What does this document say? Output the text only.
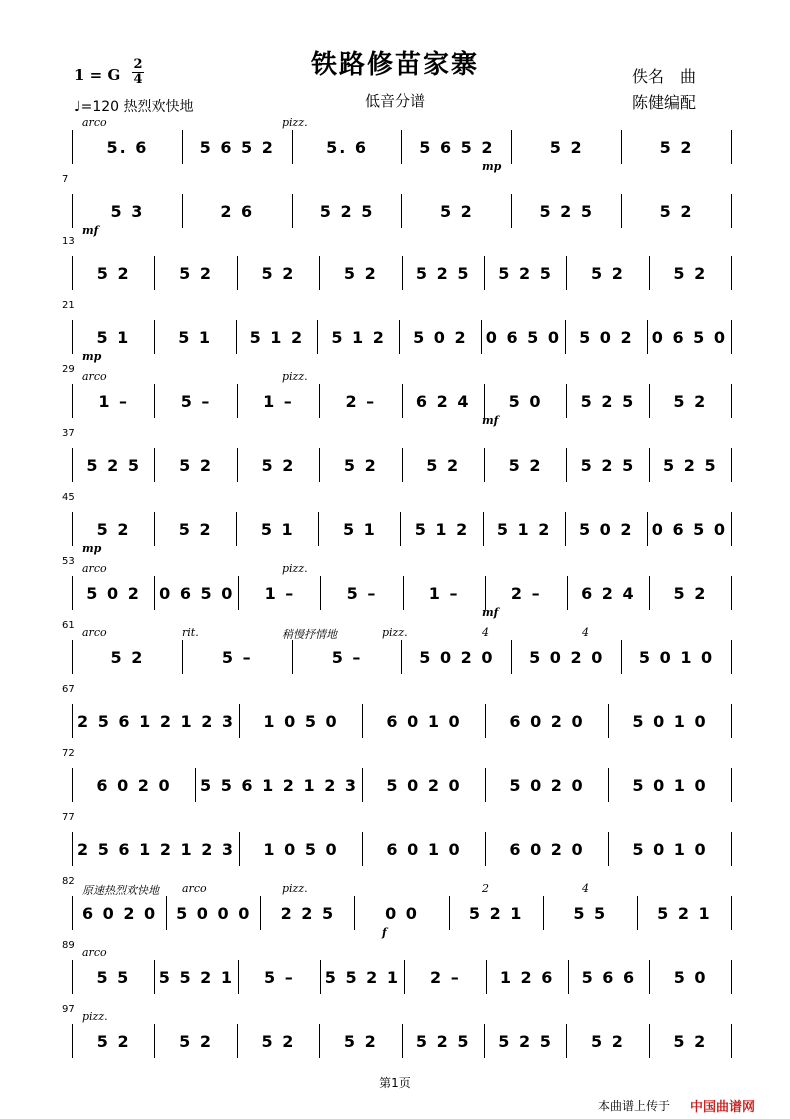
铁路修苗家寨
低音分谱
佚名　曲
陈健编配
1 = G
2
4
♩=120 热烈欢快地
5. 6	5 6 5 2	5. 6	5 6 5 2	5 2	5 2
arco	pizz.
mp
7
5 3	2 6	5 2 5	5 2	5 2 5	5 2
mf
13
5 2	5 2	5 2	5 2 5 2 5 5 2 5 5 2	5 2
21
5 1	5 1 5 1 2 5 1 2 5 0 2 0 6 5 0 5 0 2 0 6 5 0
mp
29
1 –	5 –	1 –	2 – 6 2 4 5 0 5 2 5 5 2
arco	pizz.
mf
37
5 2 5 5 2	5 2	5 2	5 2	5 2 5 2 5 5 2 5
45
5 2	5 2	5 1	5 1 5 1 2 5 1 2 5 0 2 0 6 5 0
mp
53
5 0 2 0 6 5 0 1 –	5 –	1 –	2 – 6 2 4 5 2
arco	pizz.
mf
61
5 2	5 –	5 –	5 0 2 0 5 0 2 0 5 0 1 0
arco	rit.	稍慢抒情地	pizz.	4	4
67
2 5 6 1 2 1 2 3 1 0 5 0	6 0 1 0	6 0 2 0	5 0 1 0
72
6 0 2 0 5 5 6 1 2 1 2 3 5 0 2 0	5 0 2 0	5 0 1 0
77
2 5 6 1 2 1 2 3 1 0 5 0	6 0 1 0	6 0 2 0	5 0 1 0
82
6 0 2 0 5 0 0 0 2 2 5	0 0	5 2 1	5 5	5 2 1
原速热烈欢快地 arco	pizz.
f
2	4
89
5 5 5 5 2 1 5 – 5 5 2 1 2 – 1 2 6 5 6 6 5 0
arco
97
5 2	5 2	5 2	5 2 5 2 5 5 2 5 5 2	5 2
pizz.
第1页
本曲谱上传于 中国曲谱网
